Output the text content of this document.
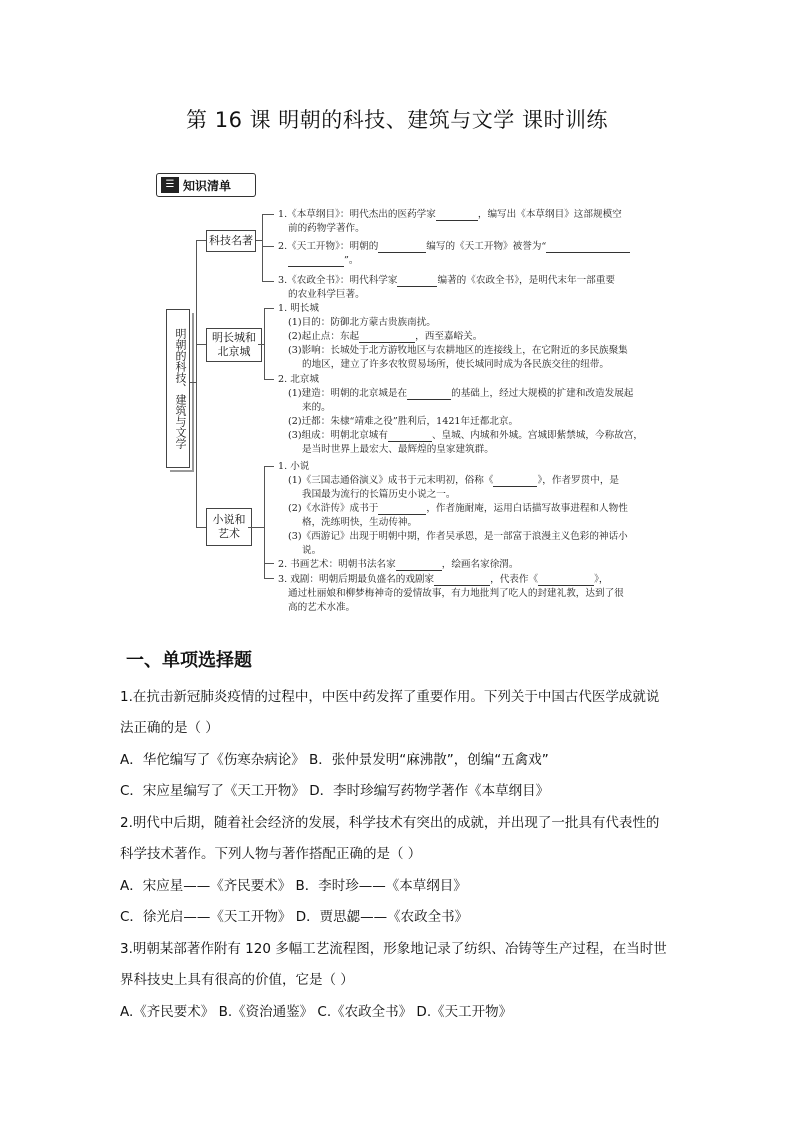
第 16 课 明朝的科技、建筑与文学 课时训练
☰ 知识清单
明朝的科技、建筑与文学
科技名著
明长城和北京城
小说和艺术
1.《本草纲目》：明代杰出的医药学家	，编写出《本草纲目》这部规模空
前的药物学著作。
2.《天工开物》：明朝的	编写的《天工开物》被誉为“
”。
3.《农政全书》：明代科学家	编著的《农政全书》，是明代末年一部重要
的农业科学巨著。
1. 明长城
(1)目的：防御北方蒙古贵族南扰。
(2)起止点：东起	，西至嘉峪关。
(3)影响：长城处于北方游牧地区与农耕地区的连接线上，在它附近的多民族聚集
的地区，建立了许多农牧贸易场所，使长城同时成为各民族交往的纽带。
2. 北京城
(1)建造：明朝的北京城是在	的基础上，经过大规模的扩建和改造发展起
来的。
(2)迁都：朱棣“靖难之役”胜利后，1421年迁都北京。
(3)组成：明朝北京城有	、皇城、内城和外城。宫城即紫禁城，今称故宫，
是当时世界上最宏大、最辉煌的皇家建筑群。
1. 小说
(1)《三国志通俗演义》成书于元末明初，俗称《	》，作者罗贯中，是
我国最为流行的长篇历史小说之一。
(2)《水浒传》成书于	，作者施耐庵，运用白话描写故事进程和人物性
格，洗练明快，生动传神。
(3)《西游记》出现于明朝中期，作者吴承恩，是一部富于浪漫主义色彩的神话小
说。
2. 书画艺术：明朝书法名家	，绘画名家徐渭。
3. 戏剧：明朝后期最负盛名的戏剧家	，代表作《	》，
通过杜丽娘和柳梦梅神奇的爱情故事，有力地批判了吃人的封建礼教，达到了很
高的艺术水准。
一、单项选择题
1.在抗击新冠肺炎疫情的过程中，中医中药发挥了重要作用。下列关于中国古代医学成就说
法正确的是（ ）
A．华佗编写了《伤寒杂病论》 B．张仲景发明“麻沸散”，创编“五禽戏”
C．宋应星编写了《天工开物》 D．李时珍编写药物学著作《本草纲目》
2.明代中后期，随着社会经济的发展，科学技术有突出的成就，并出现了一批具有代表性的
科学技术著作。下列人物与著作搭配正确的是（ ）
A．宋应星——《齐民要术》 B．李时珍——《本草纲目》
C．徐光启——《天工开物》 D．贾思勰——《农政全书》
3.明朝某部著作附有 120 多幅工艺流程图，形象地记录了纺织、冶铸等生产过程，在当时世
界科技史上具有很高的价值，它是（ ）
A.《齐民要术》 B.《资治通鉴》 C.《农政全书》 D.《天工开物》
